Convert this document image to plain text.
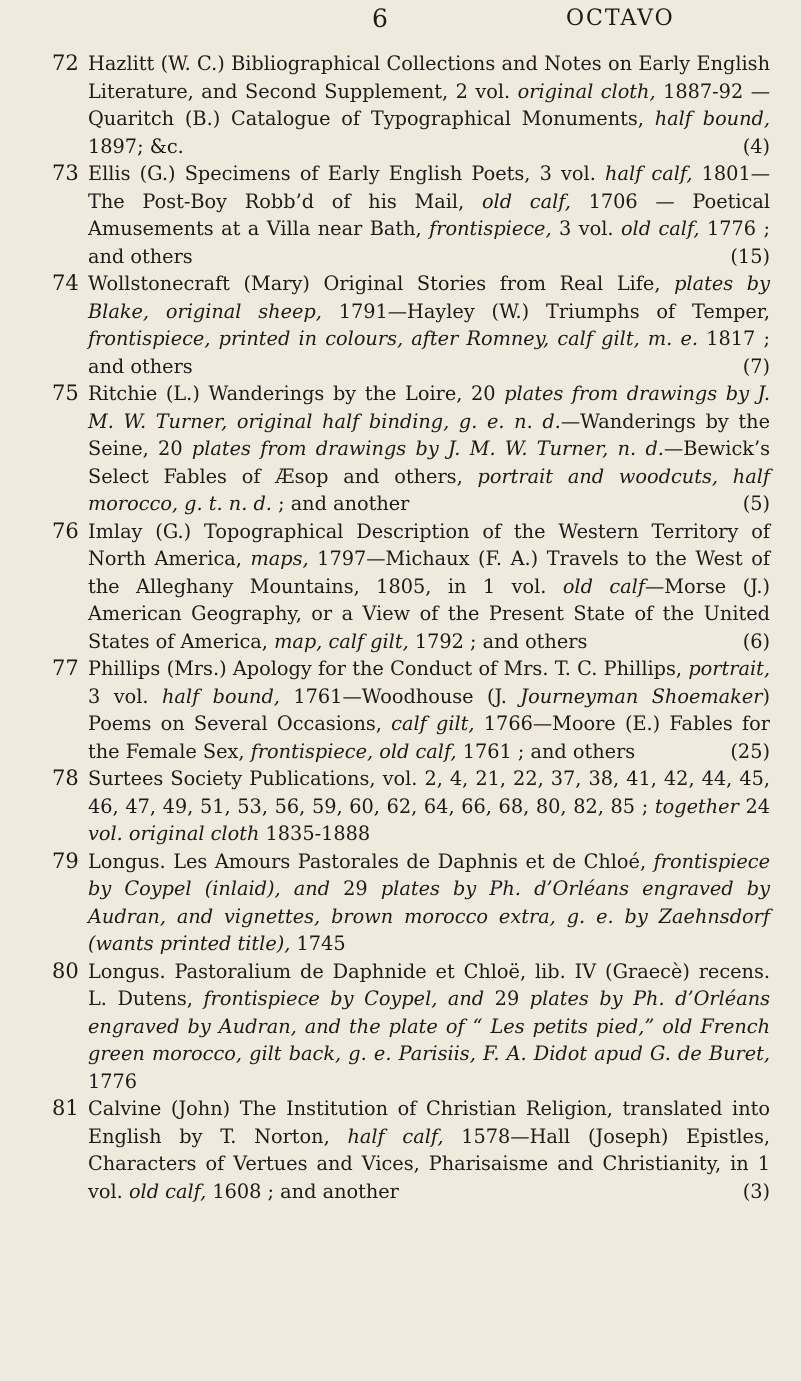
6	OCTAVO
72 Hazlitt (W. C.) Bibliographical Collections and Notes on Early English Literature, and Second Supplement, 2 vol. original cloth, 1887-92 — Quaritch (B.) Catalogue of Typographical Monuments, half bound, 1897; &c.	(4)
73 Ellis (G.) Specimens of Early English Poets, 3 vol. half calf, 1801—The Post-Boy Robb’d of his Mail, old calf, 1706 — Poetical Amusements at a Villa near Bath, frontispiece, 3 vol. old calf, 1776 ; and others	(15)
74 Wollstonecraft (Mary) Original Stories from Real Life, plates by Blake, original sheep, 1791—Hayley (W.) Triumphs of Temper, frontispiece, printed in colours, after Romney, calf gilt, m. e. 1817 ; and others	(7)
75 Ritchie (L.) Wanderings by the Loire, 20 plates from drawings by J. M. W. Turner, original half binding, g. e. n. d.—Wanderings by the Seine, 20 plates from drawings by J. M. W. Turner, n. d.—Bewick’s Select Fables of Æsop and others, portrait and woodcuts, half morocco, g. t. n. d. ; and another	(5)
76 Imlay (G.) Topographical Description of the Western Territory of North America, maps, 1797—Michaux (F. A.) Travels to the West of the Alleghany Mountains, 1805, in 1 vol. old calf—Morse (J.) American Geography, or a View of the Present State of the United States of America, map, calf gilt, 1792 ; and others	(6)
77 Phillips (Mrs.) Apology for the Conduct of Mrs. T. C. Phillips, portrait, 3 vol. half bound, 1761—Woodhouse (J. Journeyman Shoemaker) Poems on Several Occasions, calf gilt, 1766—Moore (E.) Fables for the Female Sex, frontispiece, old calf, 1761 ; and others	(25)
78 Surtees Society Publications, vol. 2, 4, 21, 22, 37, 38, 41, 42, 44, 45, 46, 47, 49, 51, 53, 56, 59, 60, 62, 64, 66, 68, 80, 82, 85 ; together 24 vol. original cloth 1835-1888
79 Longus. Les Amours Pastorales de Daphnis et de Chloé, frontispiece by Coypel (inlaid), and 29 plates by Ph. d’Orléans engraved by Audran, and vignettes, brown morocco extra, g. e. by Zaehnsdorf (wants printed title), 1745
80 Longus. Pastoralium de Daphnide et Chloë, lib. IV (Graecè) recens. L. Dutens, frontispiece by Coypel, and 29 plates by Ph. d’Orléans engraved by Audran, and the plate of “ Les petits pied,” old French green morocco, gilt back, g. e. Parisiis, F. A. Didot apud G. de Buret, 1776
81 Calvine (John) The Institution of Christian Religion, translated into English by T. Norton, half calf, 1578—Hall (Joseph) Epistles, Characters of Vertues and Vices, Pharisaisme and Christianity, in 1 vol. old calf, 1608 ; and another	(3)
